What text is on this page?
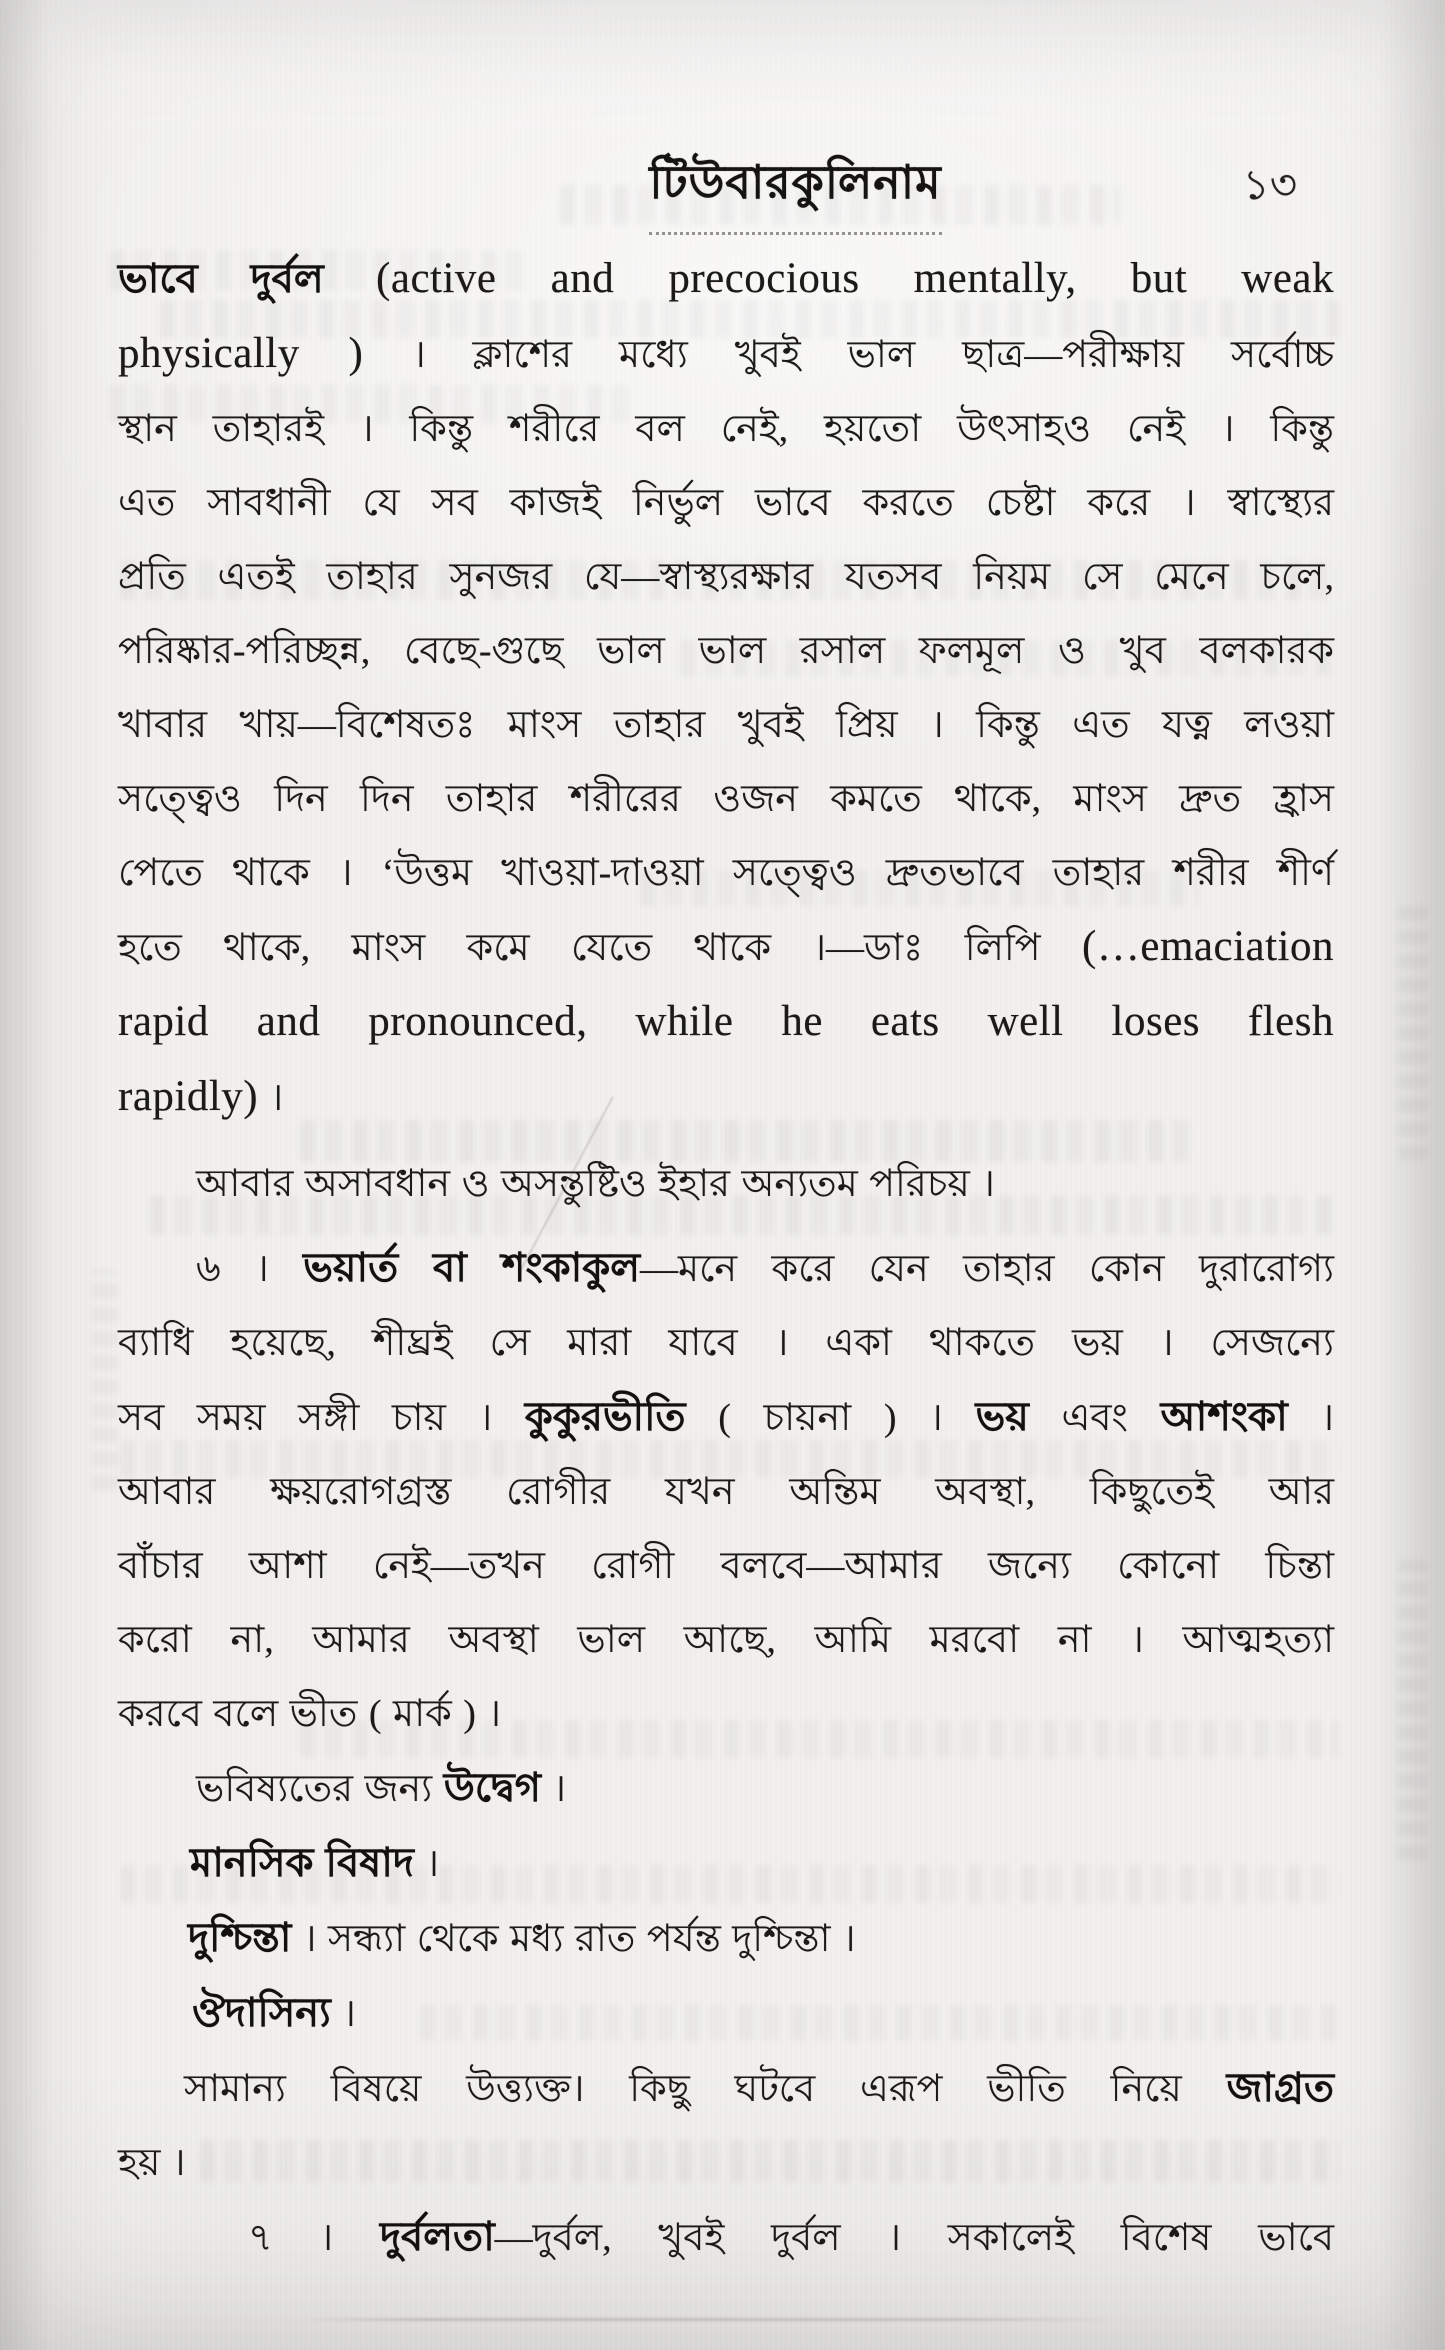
টিউবারকুলিনাম	১৩
ভাবে দুর্বল (active and precocious mentally, but weak
physically ) । ক্লাশের মধ্যে খুবই ভাল ছাত্র—পরীক্ষায় সর্বোচ্চ
স্থান তাহারই । কিন্তু শরীরে বল নেই, হয়তো উৎসাহও নেই । কিন্তু
এত সাবধানী যে সব কাজই নির্ভুল ভাবে করতে চেষ্টা করে । স্বাস্থ্যের
প্রতি এতই তাহার সুনজর যে—স্বাস্থ্যরক্ষার যতসব নিয়ম সে মেনে চলে,
পরিষ্কার-পরিচ্ছন্ন, বেছে-গুছে ভাল ভাল রসাল ফলমূল ও খুব বলকারক
খাবার খায়—বিশেষতঃ মাংস তাহার খুবই প্রিয় । কিন্তু এত যত্ন লওয়া
সত্ত্বেও দিন দিন তাহার শরীরের ওজন কমতে থাকে, মাংস দ্রুত হ্রাস
পেতে থাকে । ‘উত্তম খাওয়া-দাওয়া সত্ত্বেও দ্রুতভাবে তাহার শরীর শীর্ণ
হতে থাকে, মাংস কমে যেতে থাকে ।—ডাঃ লিপি (…emaciation
rapid and pronounced, while he eats well loses flesh
rapidly) ।
আবার অসাবধান ও অসন্তুষ্টিও ইহার অন্যতম পরিচয় ।
৬ । ভয়ার্ত বা শংকাকুল—মনে করে যেন তাহার কোন দুরারোগ্য
ব্যাধি হয়েছে, শীঘ্রই সে মারা যাবে । একা থাকতে ভয় । সেজন্যে
সব সময় সঙ্গী চায় । কুকুরভীতি ( চায়না ) । ভয় এবং আশংকা ।
আবার ক্ষয়রোগগ্রস্ত রোগীর যখন অন্তিম অবস্থা, কিছুতেই আর
বাঁচার আশা নেই—তখন রোগী বলবে—আমার জন্যে কোনো চিন্তা
করো না, আমার অবস্থা ভাল আছে, আমি মরবো না । আত্মহত্যা
করবে বলে ভীত ( মার্ক ) ।
ভবিষ্যতের জন্য উদ্বেগ ।
মানসিক বিষাদ ।
দুশ্চিন্তা । সন্ধ্যা থেকে মধ্য রাত পর্যন্ত দুশ্চিন্তা ।
ঔদাসিন্য ।
সামান্য বিষয়ে উত্ত্যক্ত। কিছু ঘটবে এরূপ ভীতি নিয়ে জাগ্রত
হয় ।
৭ । দুর্বলতা—দুর্বল, খুবই দুর্বল । সকালেই বিশেষ ভাবে
